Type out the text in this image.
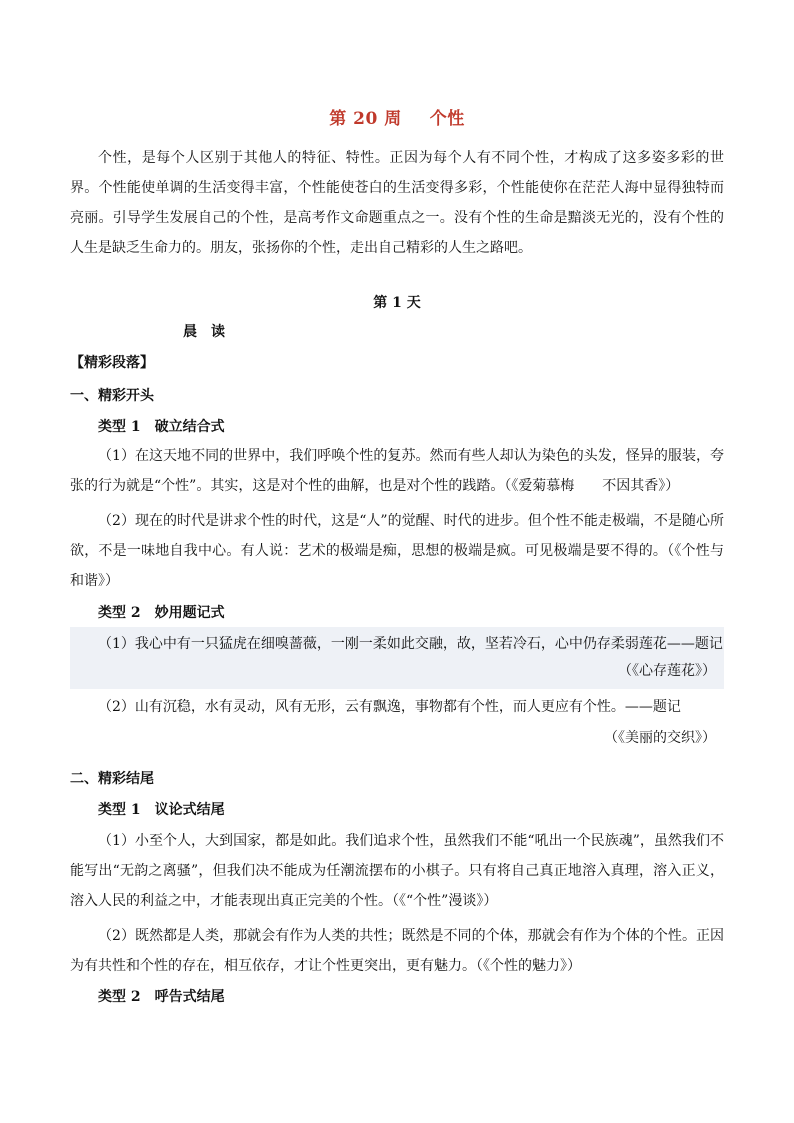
第 20 周 个性

个性，是每个人区别于其他人的特征、特性。正因为每个人有不同个性，才构成了这多姿多彩的世界。个性能使单调的生活变得丰富，个性能使苍白的生活变得多彩，个性能使你在茫茫人海中显得独特而亮丽。引导学生发展自己的个性，是高考作文命题重点之一。没有个性的生命是黯淡无光的，没有个性的人生是缺乏生命力的。朋友，张扬你的个性，走出自己精彩的人生之路吧。

第 1 天
晨读
【精彩段落】
一、精彩开头
类型 1 破立结合式

（1）在这天地不同的世界中，我们呼唤个性的复苏。然而有些人却认为染色的头发，怪异的服装，夸张的行为就是“个性”。其实，这是对个性的曲解，也是对个性的践踏。（《爱菊慕梅　　不因其香》）

（2）现在的时代是讲求个性的时代，这是“人”的觉醒、时代的进步。但个性不能走极端，不是随心所欲，不是一味地自我中心。有人说：艺术的极端是痴，思想的极端是疯。可见极端是要不得的。（《个性与和谐》）

类型 2 妙用题记式

（1）我心中有一只猛虎在细嗅蔷薇，一刚一柔如此交融，故，坚若冷石，心中仍存柔弱莲花——题记

（《心存莲花》）

（2）山有沉稳，水有灵动，风有无形，云有飘逸，事物都有个性，而人更应有个性。——题记

（《美丽的交织》）
二、精彩结尾
类型 1 议论式结尾

（1）小至个人，大到国家，都是如此。我们追求个性，虽然我们不能“吼出一个民族魂”，虽然我们不能写出“无韵之离骚”，但我们决不能成为任潮流摆布的小棋子。只有将自己真正地溶入真理，溶入正义，溶入人民的利益之中，才能表现出真正完美的个性。（《“个性”漫谈》）

（2）既然都是人类，那就会有作为人类的共性；既然是不同的个体，那就会有作为个体的个性。正因为有共性和个性的存在，相互依存，才让个性更突出，更有魅力。（《个性的魅力》）

类型 2 呼告式结尾
